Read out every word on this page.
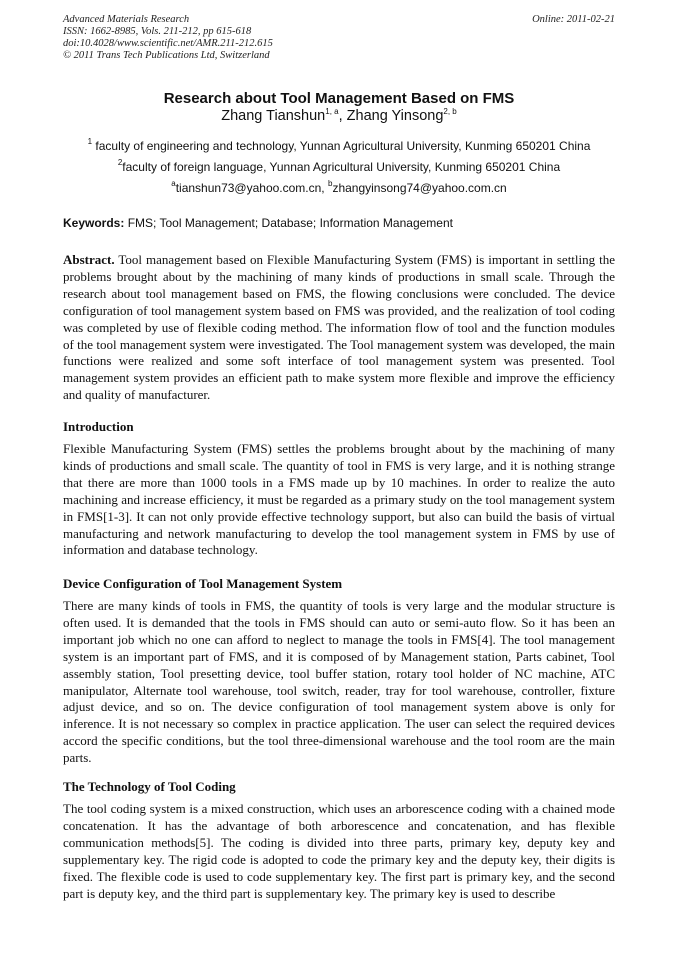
Advanced Materials Research
ISSN: 1662-8985, Vols. 211-212, pp 615-618
doi:10.4028/www.scientific.net/AMR.211-212.615
© 2011 Trans Tech Publications Ltd, Switzerland
Online: 2011-02-21
Research about Tool Management Based on FMS
Zhang Tianshun$^{1, a}$, Zhang Yinsong$^{2, b}$
$^1$ faculty of engineering and technology, Yunnan Agricultural University, Kunming 650201 China
$^2$faculty of foreign language, Yunnan Agricultural University, Kunming 650201 China
$^a$tianshun73@yahoo.com.cn, $^b$zhangyinsong74@yahoo.com.cn
Keywords: FMS; Tool Management; Database; Information Management
Abstract. Tool management based on Flexible Manufacturing System (FMS) is important in settling the problems brought about by the machining of many kinds of productions in small scale. Through the research about tool management based on FMS, the flowing conclusions were concluded. The device configuration of tool management system based on FMS was provided, and the realization of tool coding was completed by use of flexible coding method. The information flow of tool and the function modules of the tool management system were investigated. The Tool management system was developed, the main functions were realized and some soft interface of tool management system was presented. Tool management system provides an efficient path to make system more flexible and improve the efficiency and quality of manufacturer.
Introduction
Flexible Manufacturing System (FMS) settles the problems brought about by the machining of many kinds of productions and small scale. The quantity of tool in FMS is very large, and it is nothing strange that there are more than 1000 tools in a FMS made up by 10 machines. In order to realize the auto machining and increase efficiency, it must be regarded as a primary study on the tool management system in FMS[1-3]. It can not only provide effective technology support, but also can build the basis of virtual manufacturing and network manufacturing to develop the tool management system in FMS by use of information and database technology.
Device Configuration of Tool Management System
There are many kinds of tools in FMS, the quantity of tools is very large and the modular structure is often used. It is demanded that the tools in FMS should can auto or semi-auto flow. So it has been an important job which no one can afford to neglect to manage the tools in FMS[4]. The tool management system is an important part of FMS, and it is composed of by Management station, Parts cabinet, Tool assembly station, Tool presetting device, tool buffer station, rotary tool holder of NC machine, ATC manipulator, Alternate tool warehouse, tool switch, reader, tray for tool warehouse, controller, fixture adjust device, and so on. The device configuration of tool management system above is only for inference. It is not necessary so complex in practice application. The user can select the required devices accord the specific conditions, but the tool three-dimensional warehouse and the tool room are the main parts.
The Technology of Tool Coding
The tool coding system is a mixed construction, which uses an arborescence coding with a chained mode concatenation. It has the advantage of both arborescence and concatenation, and has flexible communication methods[5]. The coding is divided into three parts, primary key, deputy key and supplementary key. The rigid code is adopted to code the primary key and the deputy key, their digits is fixed. The flexible code is used to code supplementary key. The first part is primary key, and the second part is deputy key, and the third part is supplementary key. The primary key is used to describe
